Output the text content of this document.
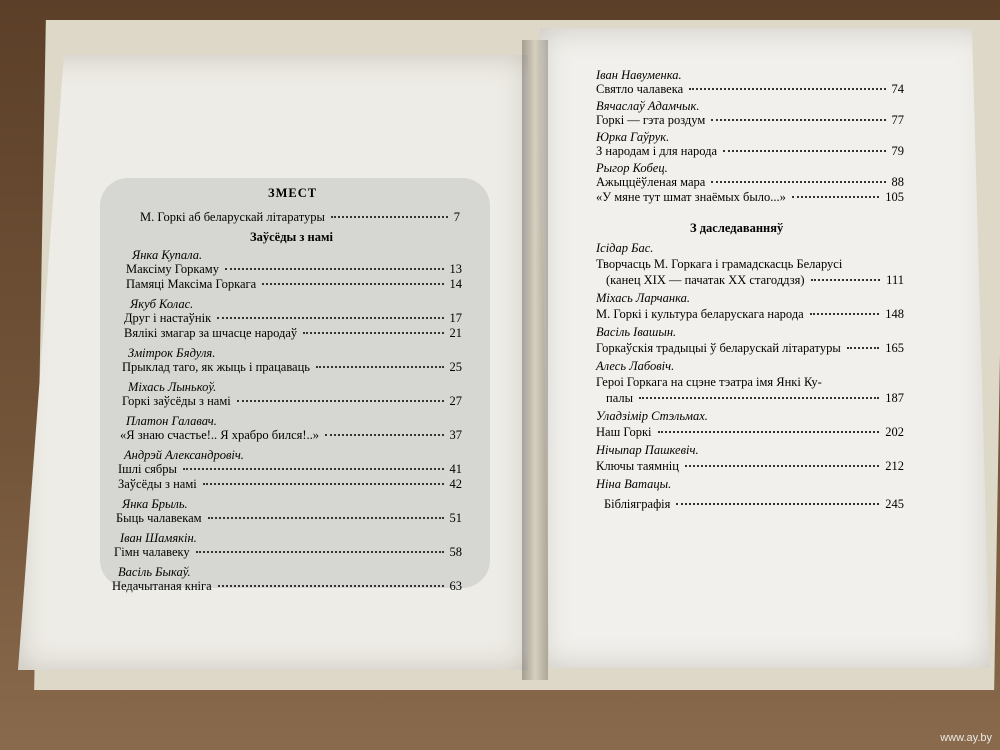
ЗМЕСТ
М. Горкі аб беларускай літаратуры	7
Заўсёды з намі
Янка Купала.
Максіму Горкаму	13
Памяці Максіма Горкага	14
Якуб Колас.
Друг і настаўнік	17
Вялікі змагар за шчасце народаў	21
Змітрок Бядуля.
Прыклад таго, як жыць і працаваць	25
Міхась Лынькоў.
Горкі заўсёды з намі	27
Платон Галавач.
«Я знаю счастье!.. Я храбро бился!..»	37
Андрэй Александровіч.
Ішлі сябры	41
Заўсёды з намі	42
Янка Брыль.
Быць чалавекам	51
Іван Шамякін.
Гімн чалавеку	58
Васіль Быкаў.
Недачытаная кніга	63
Іван Навуменка.
Святло чалавека	74
Вячаслаў Адамчык.
Горкі — гэта роздум	77
Юрка Гаўрук.
З народам і для народа	79
Рыгор Кобец.
Ажыццёўленая мара	88
«У мяне тут шмат знаёмых было...»	105
З даследаванняў
Ісідар Бас.
Творчасць М. Горкага і грамадскасць Беларусі
(канец XIX — пачатак XX стагоддзя)	111
Міхась Ларчанка.
М. Горкі і культура беларускага народа	148
Васіль Івашын.
Горкаўскія традыцыі ў беларускай літаратуры	165
Алесь Лабовіч.
Героі Горкага на сцэне тэатра імя Янкі Ку-
палы	187
Уладзімір Стэльмах.
Наш Горкі	202
Нічыпар Пашкевіч.
Ключы таямніц	212
Ніна Ватацы.
Бібліяграфія	245
www.ay.by
